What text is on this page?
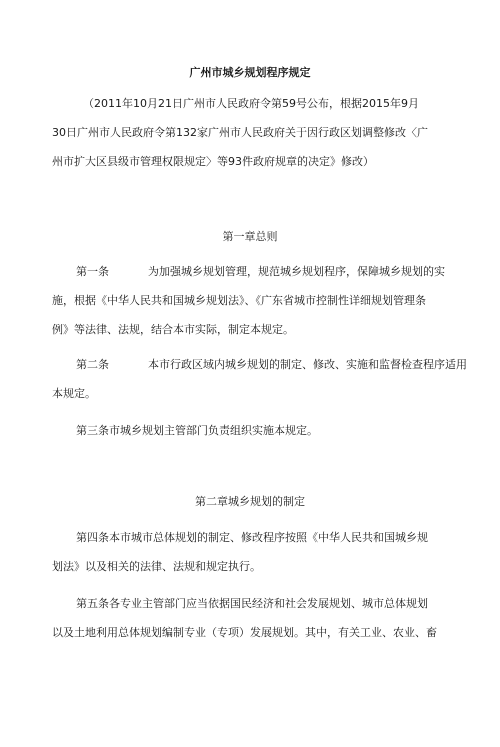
广州市城乡规划程序规定

（2011年10月21日广州市人民政府令第59号公布，根据2015年9月

30日广州市人民政府令第132家广州市人民政府关于因行政区划调整修改〈广

州市扩大区县级市管理权限规定〉等93件政府规章的决定》修改）

第一章总则

第一条	为加强城乡规划管理，规范城乡规划程序，保障城乡规划的实

施，根据《中华人民共和国城乡规划法》、《广东省城市控制性详细规划管理条

例》等法律、法规，结合本市实际，制定本规定。

第二条	本市行政区域内城乡规划的制定、修改、实施和监督检查程序适用

本规定。

第三条市城乡规划主管部门负责组织实施本规定。

第二章城乡规划的制定

第四条本市城市总体规划的制定、修改程序按照《中华人民共和国城乡规

划法》以及相关的法律、法规和规定执行。

第五条各专业主管部门应当依据国民经济和社会发展规划、城市总体规划

以及土地利用总体规划编制专业（专项）发展规划。其中，有关工业、农业、畜
